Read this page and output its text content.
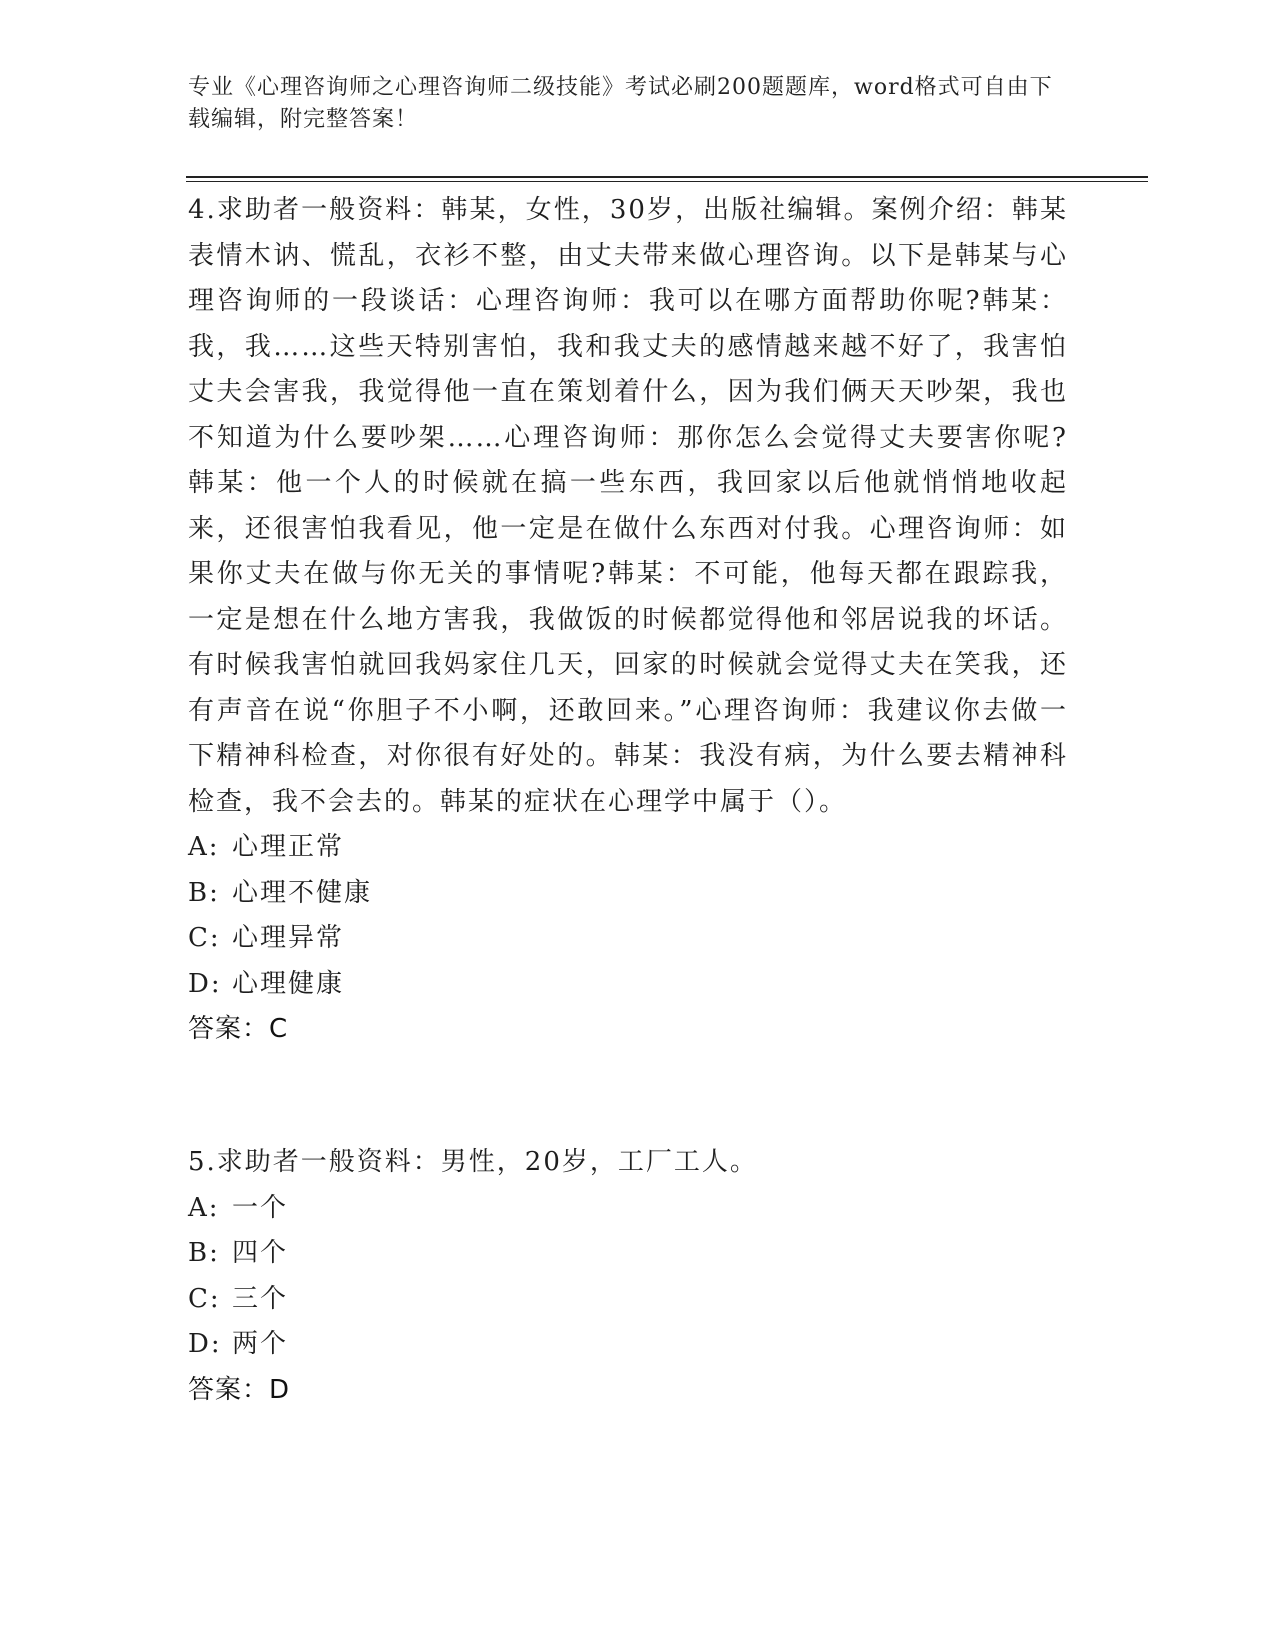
专业《心理咨询师之心理咨询师二级技能》考试必刷200题题库，word格式可自由下载编辑，附完整答案！

4.求助者一般资料：韩某，女性，30岁，出版社编辑。案例介绍：韩某表情木讷、慌乱，衣衫不整，由丈夫带来做心理咨询。以下是韩某与心理咨询师的一段谈话：心理咨询师：我可以在哪方面帮助你呢?韩某：我，我……这些天特别害怕，我和我丈夫的感情越来越不好了，我害怕丈夫会害我，我觉得他一直在策划着什么，因为我们俩天天吵架，我也不知道为什么要吵架……心理咨询师：那你怎么会觉得丈夫要害你呢?韩某：他一个人的时候就在搞一些东西，我回家以后他就悄悄地收起来，还很害怕我看见，他一定是在做什么东西对付我。心理咨询师：如果你丈夫在做与你无关的事情呢?韩某：不可能，他每天都在跟踪我，一定是想在什么地方害我，我做饭的时候都觉得他和邻居说我的坏话。有时候我害怕就回我妈家住几天，回家的时候就会觉得丈夫在笑我，还有声音在说“你胆子不小啊，还敢回来。”心理咨询师：我建议你去做一下精神科检查，对你很有好处的。韩某：我没有病，为什么要去精神科检查，我不会去的。韩某的症状在心理学中属于（）。

A: 心理正常

B: 心理不健康

C: 心理异常

D: 心理健康

答案：C

5.求助者一般资料：男性，20岁，工厂工人。

A: 一个

B: 四个

C: 三个

D: 两个

答案：D
